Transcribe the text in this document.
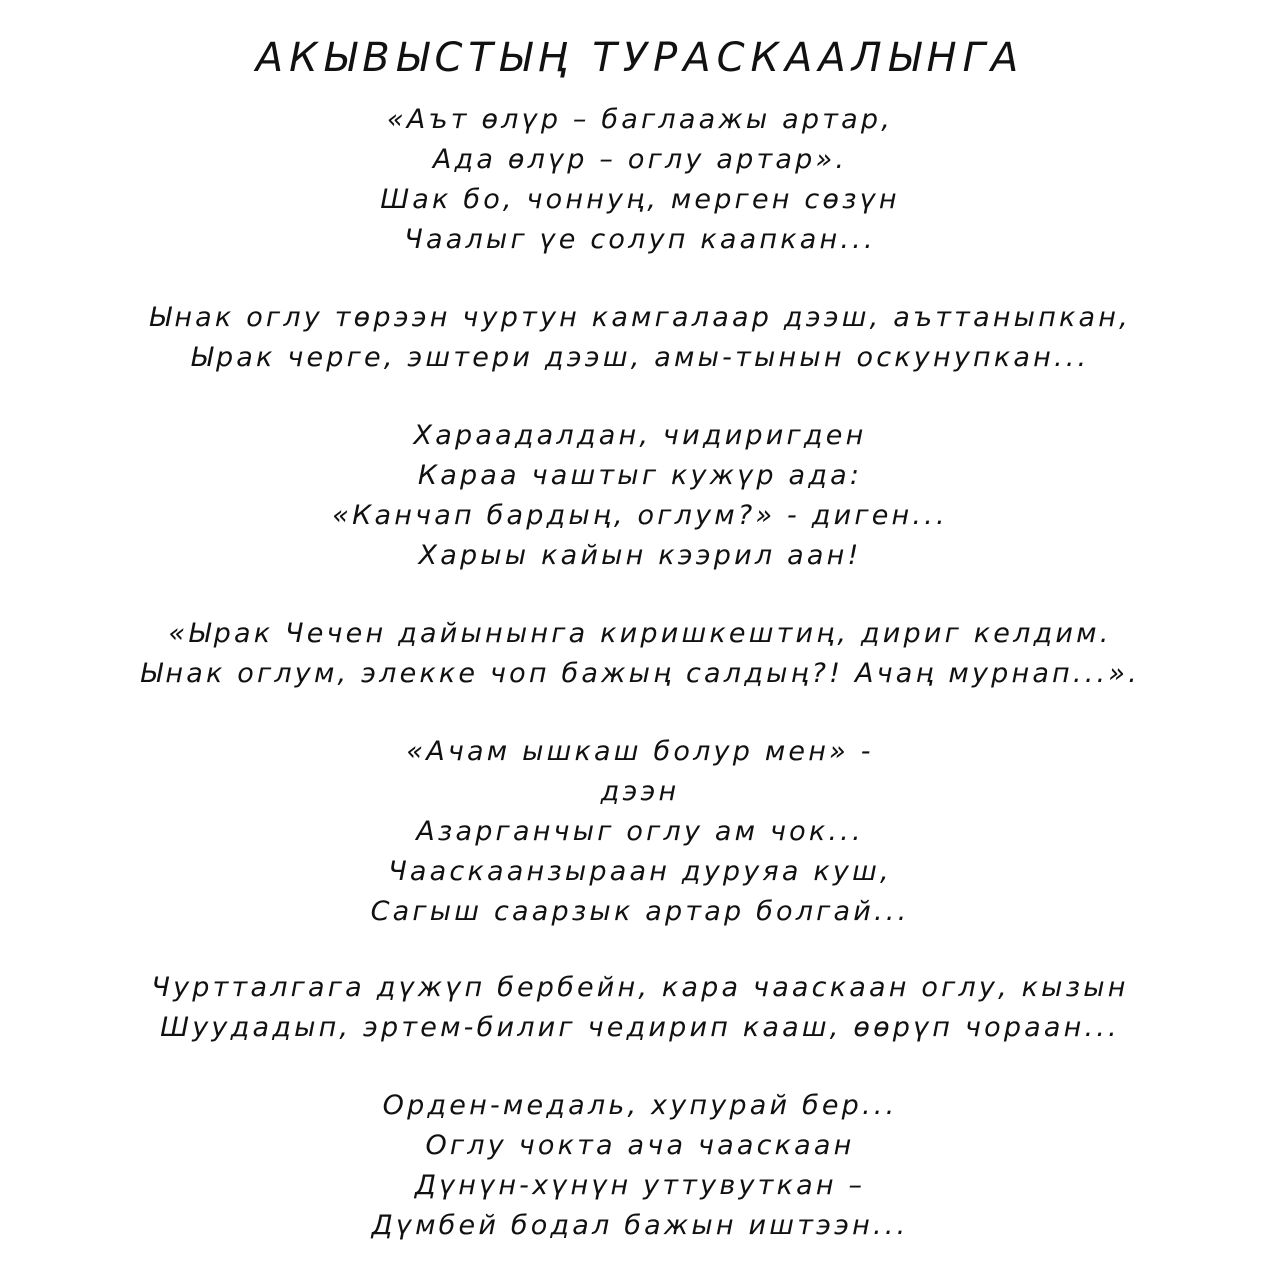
АКЫВЫСТЫҢ ТУРАСКААЛЫНГА
«Аът өлүр – баглаажы артар,
Ада өлүр – оглу артар».
Шак бо, чоннуң, мерген сөзүн
Чаалыг үе солуп каапкан...
Ынак оглу төрээн чуртун камгалаар дээш, аъттаныпкан,
Ырак черге, эштери дээш, амы-тынын оскунупкан...
Хараадалдан, чидиригден
Караа чаштыг кужүр ада:
«Канчап бардың, оглум?» - диген...
Харыы кайын кээрил аан!
«Ырак Чечен дайынынга киришкештиң, дириг келдим.
Ынак оглум, элекке чоп бажың салдың?! Ачаң мурнап...».
«Ачам ышкаш болур мен» -
дээн
Азарганчыг оглу ам чок...
Чааскаанзыраан дуруяа куш,
Сагыш саарзык артар болгай...
Чуртталгага дүжүп бербейн, кара чааскаан оглу, кызын
Шуудадып, эртем-билиг чедирип кааш, өөрүп чораан...
Орден-медаль, хупурай бер...
Оглу чокта ача чааскаан
Дүнүн-хүнүн уттувуткан –
Дүмбей бодал бажын иштээн...
